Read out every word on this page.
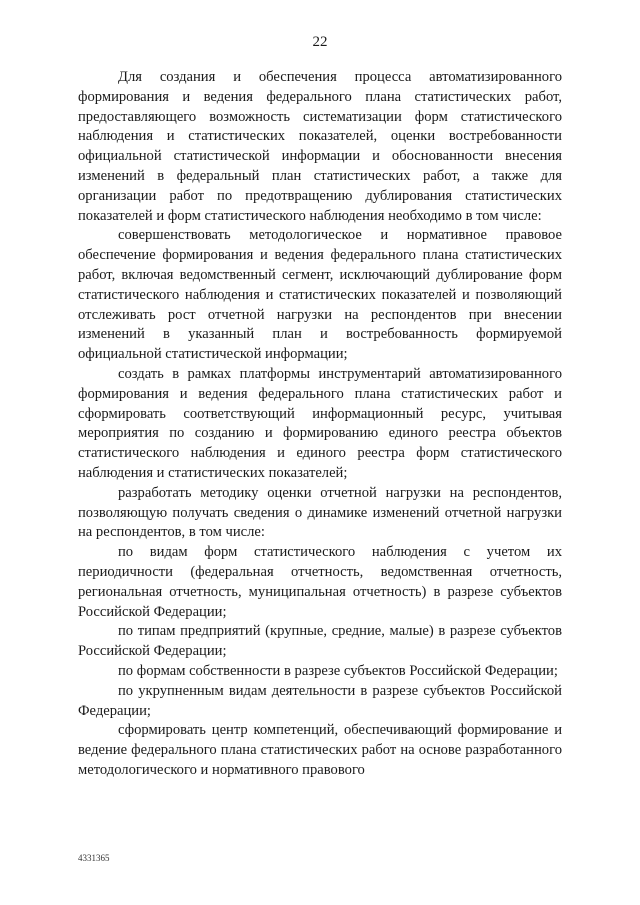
22

Для создания и обеспечения процесса автоматизированного формирования и ведения федерального плана статистических работ, предоставляющего возможность систематизации форм статистического наблюдения и статистических показателей, оценки востребованности официальной статистической информации и обоснованности внесения изменений в федеральный план статистических работ, а также для организации работ по предотвращению дублирования статистических показателей и форм статистического наблюдения необходимо в том числе:

совершенствовать методологическое и нормативное правовое обеспечение формирования и ведения федерального плана статистических работ, включая ведомственный сегмент, исключающий дублирование форм статистического наблюдения и статистических показателей и позволяющий отслеживать рост отчетной нагрузки на респондентов при внесении изменений в указанный план и востребованность формируемой официальной статистической информации;

создать в рамках платформы инструментарий автоматизированного формирования и ведения федерального плана статистических работ и сформировать соответствующий информационный ресурс, учитывая мероприятия по созданию и формированию единого реестра объектов статистического наблюдения и единого реестра форм статистического наблюдения и статистических показателей;

разработать методику оценки отчетной нагрузки на респондентов, позволяющую получать сведения о динамике изменений отчетной нагрузки на респондентов, в том числе:

по видам форм статистического наблюдения с учетом их периодичности (федеральная отчетность, ведомственная отчетность, региональная отчетность, муниципальная отчетность) в разрезе субъектов Российской Федерации;

по типам предприятий (крупные, средние, малые) в разрезе субъектов Российской Федерации;

по формам собственности в разрезе субъектов Российской Федерации;

по укрупненным видам деятельности в разрезе субъектов Российской Федерации;

сформировать центр компетенций, обеспечивающий формирование и ведение федерального плана статистических работ на основе разработанного методологического и нормативного правового

4331365
